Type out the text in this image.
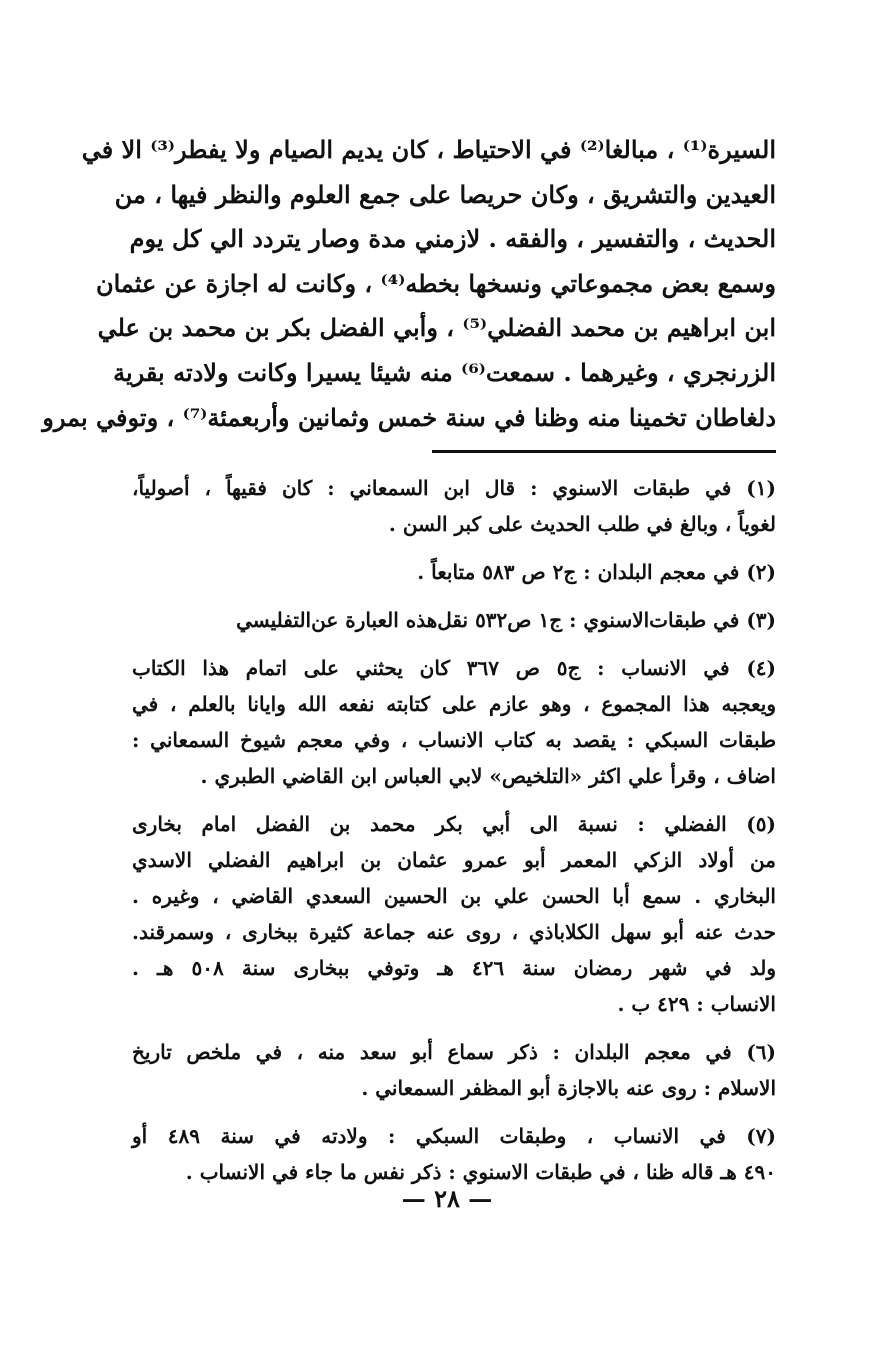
السيرة⁽¹⁾ ، مبالغا⁽²⁾ في الاحتياط ، كان يديم الصيام ولا يفطر⁽³⁾ الا في
العيدين والتشريق ، وكان حريصا على جمع العلوم والنظر فيها ، من
الحديث ، والتفسير ، والفقه . لازمني مدة وصار يتردد الي كل يوم
وسمع بعض مجموعاتي ونسخها بخطه⁽⁴⁾ ، وكانت له اجازة عن عثمان
ابن ابراهيم بن محمد الفضلي⁽⁵⁾ ، وأبي الفضل بكر بن محمد بن علي
الزرنجري ، وغيرهما . سمعت⁽⁶⁾ منه شيئا يسيرا وكانت ولادته بقرية
دلغاطان تخمينا منه وظنا في سنة خمس وثمانين وأربعمئة⁽⁷⁾ ، وتوفي بمرو
(١) في طبقات الاسنوي : قال ابن السمعاني : كان فقيهاً ، أصولياً،
لغوياً ، وبالغ في طلب الحديث على كبر السن .
(٢) في معجم البلدان : ج٢ ص ٥٨٣ متابعاً .
(٣) في طبقات‌الاسنوي : ج١ ص٥٣٢ نقل‌هذه العبارة عن‌التفليسي
(٤) في الانساب : ج٥ ص ٣٦٧ كان يحثني على اتمام هذا الكتاب
ويعجبه هذا المجموع ، وهو عازم على كتابته نفعه الله وايانا بالعلم ، في
طبقات السبكي : يقصد به كتاب الانساب ، وفي معجم شيوخ السمعاني :
اضاف ، وقرأ علي اكثر «التلخيص» لابي العباس ابن القاضي الطبري .
(٥) الفضلي : نسبة الى أبي بكر محمد بن الفضل امام بخارى
من أولاد الزكي المعمر أبو عمرو عثمان بن ابراهيم الفضلي الاسدي
البخاري . سمع أبا الحسن علي بن الحسين السعدي القاضي ، وغيره .
حدث عنه أبو سهل الكلاباذي ، روى عنه جماعة كثيرة ببخارى ، وسمرقند.
ولد في شهر رمضان سنة ٤٢٦ هـ وتوفي ببخارى سنة ٥٠٨ هـ .
الانساب : ٤٢٩ ب .
(٦) في معجم البلدان : ذكر سماع أبو سعد منه ، في ملخص تاريخ
الاسلام : روى عنه بالاجازة أبو المظفر السمعاني .
(٧) في الانساب ، وطبقات السبكي : ولادته في سنة ٤٨٩ أو
٤٩٠ هـ قاله ظنا ، في طبقات الاسنوي : ذكر نفس ما جاء في الانساب .
— ٢٨ —
